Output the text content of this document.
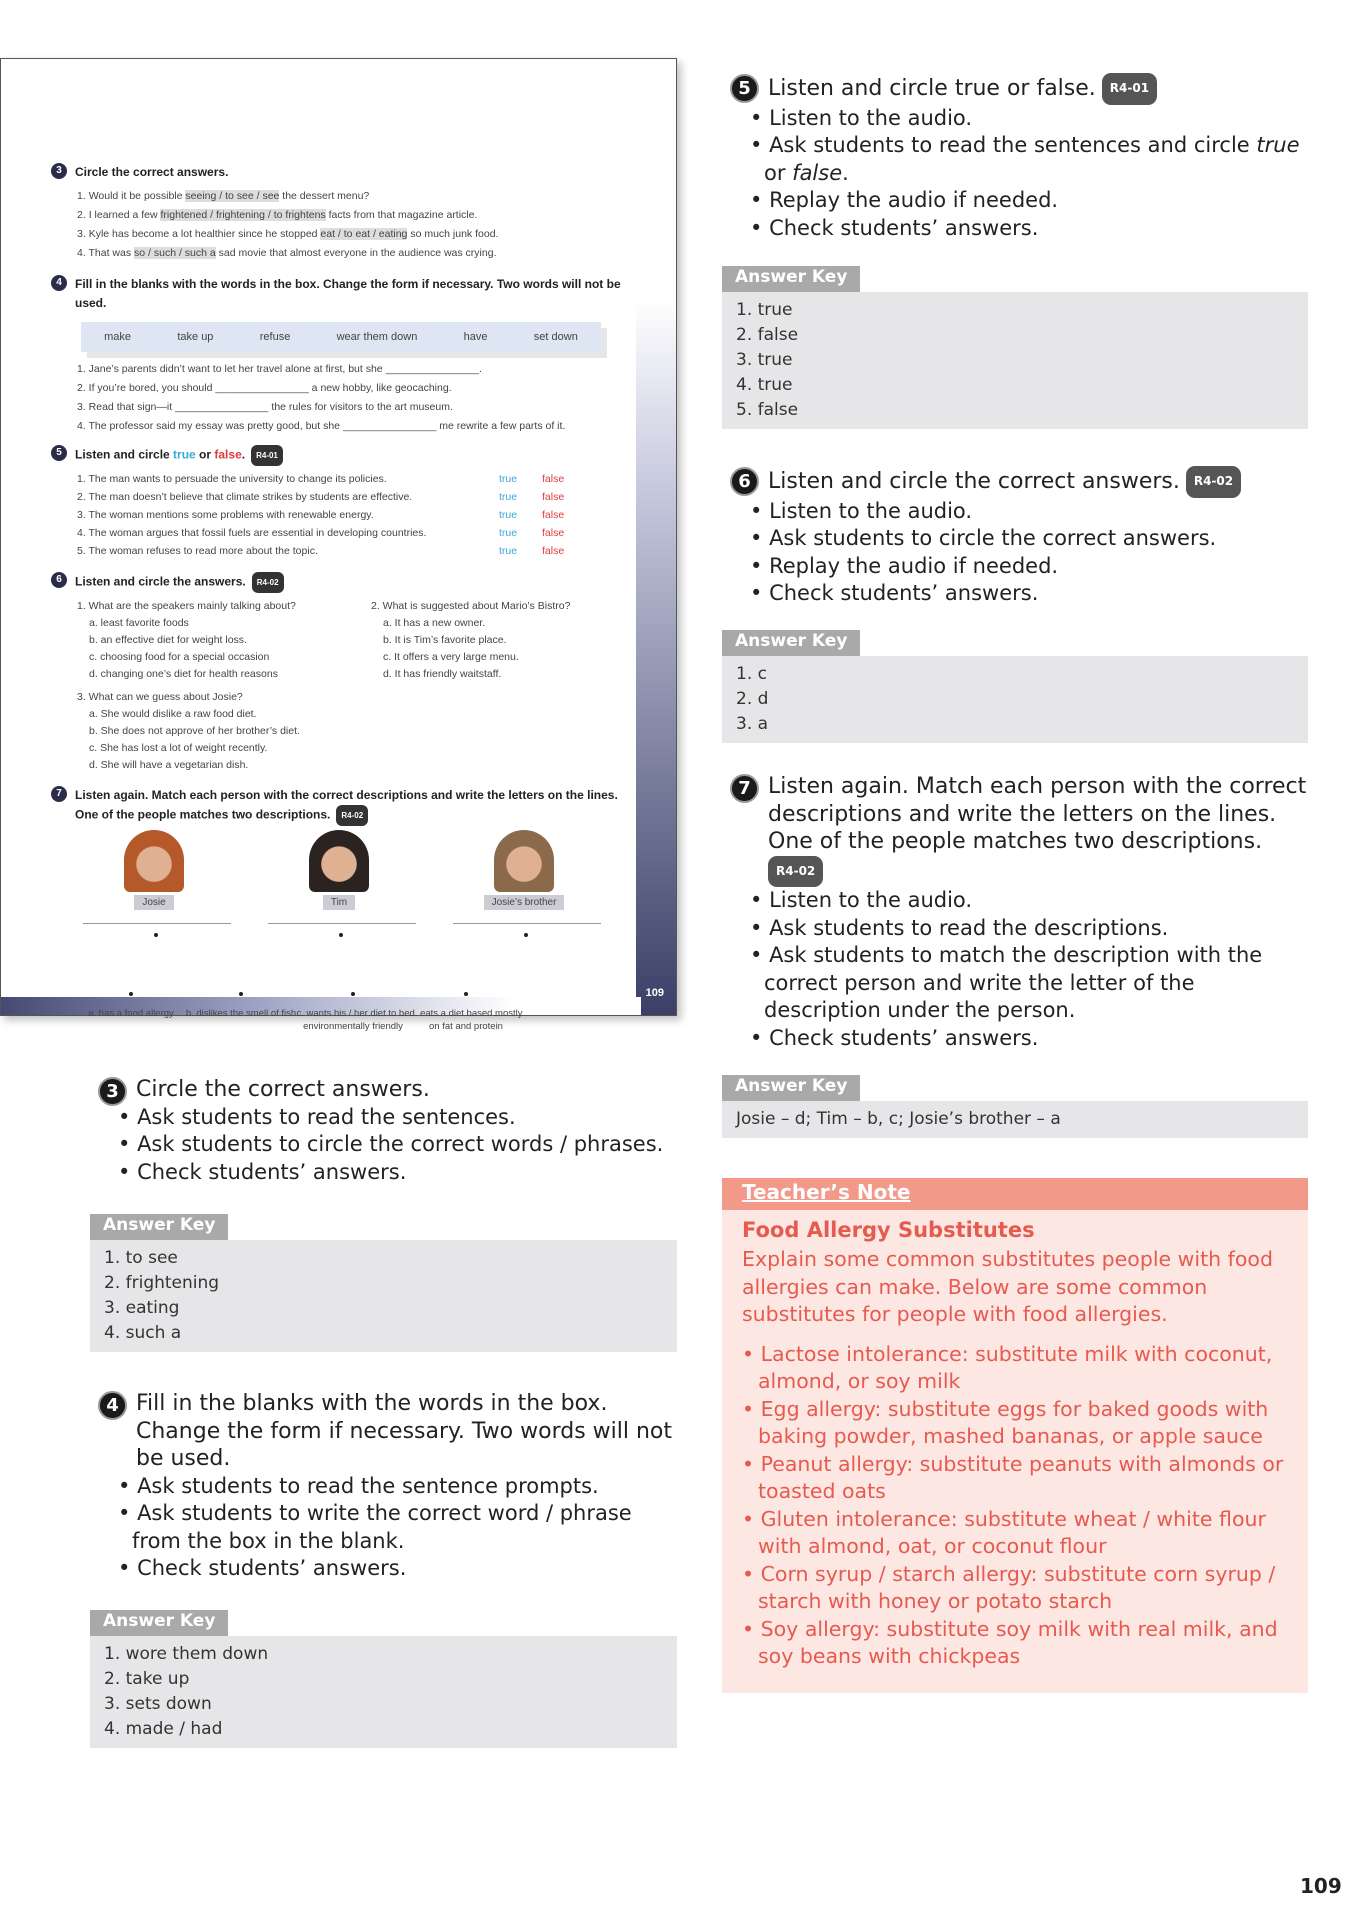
109
3	Circle the correct answers.
1. Would it be possible seeing / to see / see the dessert menu?
2. I learned a few frightened / frightening / to frightens facts from that magazine article.
3. Kyle has become a lot healthier since he stopped eat / to eat / eating so much junk food.
4. That was so / such / such a sad movie that almost everyone in the audience was crying.
4	Fill in the blanks with the words in the box. Change the form if necessary. Two words will not be used.
make	take up	refuse	wear them down	have	set down
1. Jane’s parents didn’t want to let her travel alone at first, but she ________________.
2. If you’re bored, you should ________________ a new hobby, like geocaching.
3. Read that sign—it ________________ the rules for visitors to the art museum.
4. The professor said my essay was pretty good, but she ________________ me rewrite a few parts of it.
5	Listen and circle true or false. R4-01
1. The man wants to persuade the university to change its policies.	true false
2. The man doesn’t believe that climate strikes by students are effective.	true false
3. The woman mentions some problems with renewable energy.	true false
4. The woman argues that fossil fuels are essential in developing countries.	true false
5. The woman refuses to read more about the topic.	true false
6	Listen and circle the answers. R4-02
1. What are the speakers mainly talking about?
a. least favorite foods
b. an effective diet for weight loss.
c. choosing food for a special occasion
d. changing one’s diet for health reasons
2. What is suggested about Mario’s Bistro?
a. It has a new owner.
b. It is Tim’s favorite place.
c. It offers a very large menu.
d. It has friendly waitstaff.
3. What can we guess about Josie?
a. She would dislike a raw food diet.
b. She does not approve of her brother’s diet.
c. She has lost a lot of weight recently.
d. She will have a vegetarian dish.
7	Listen again. Match each person with the correct descriptions and write the letters on the lines. One of the people matches two descriptions. R4-02
Josie	Tim	Josie’s brother
a. has a food allergy	b. dislikes the smell of fish c. wants his / her diet to be environmentally friendly
d. eats a diet based mostly on fat and protein
3 Circle the correct answers.
• Ask students to read the sentences.
• Ask students to circle the correct words / phrases.
• Check students’ answers.
Answer Key
1. to see
2. frightening
3. eating
4. such a
4 Fill in the blanks with the words in the box. Change the form if necessary. Two words will not be used.
• Ask students to read the sentence prompts.
• Ask students to write the correct word / phrase from the box in the blank.
• Check students’ answers.
Answer Key
1. wore them down
2. take up
3. sets down
4. made / had
5 Listen and circle true or false. R4-01
• Listen to the audio.
• Ask students to read the sentences and circle true or false.
• Replay the audio if needed.
• Check students’ answers.
Answer Key
1. true
2. false
3. true
4. true
5. false
6 Listen and circle the correct answers. R4-02
• Listen to the audio.
• Ask students to circle the correct answers.
• Replay the audio if needed.
• Check students’ answers.
Answer Key
1. c
2. d
3. a
7 Listen again. Match each person with the correct descriptions and write the letters on the lines. One of the people matches two descriptions.
R4-02
• Listen to the audio.
• Ask students to read the descriptions.
• Ask students to match the description with the correct person and write the letter of the description under the person.
• Check students’ answers.
Answer Key
Josie – d; Tim – b, c; Josie’s brother – a
Teacher’s Note
Food Allergy Substitutes

Explain some common substitutes people with food allergies can make. Below are some common substitutes for people with food allergies.

• Lactose intolerance: substitute milk with coconut, almond, or soy milk

• Egg allergy: substitute eggs for baked goods with baking powder, mashed bananas, or apple sauce

• Peanut allergy: substitute peanuts with almonds or toasted oats

• Gluten intolerance: substitute wheat / white flour with almond, oat, or coconut flour

• Corn syrup / starch allergy: substitute corn syrup / starch with honey or potato starch

• Soy allergy: substitute soy milk with real milk, and soy beans with chickpeas

109
